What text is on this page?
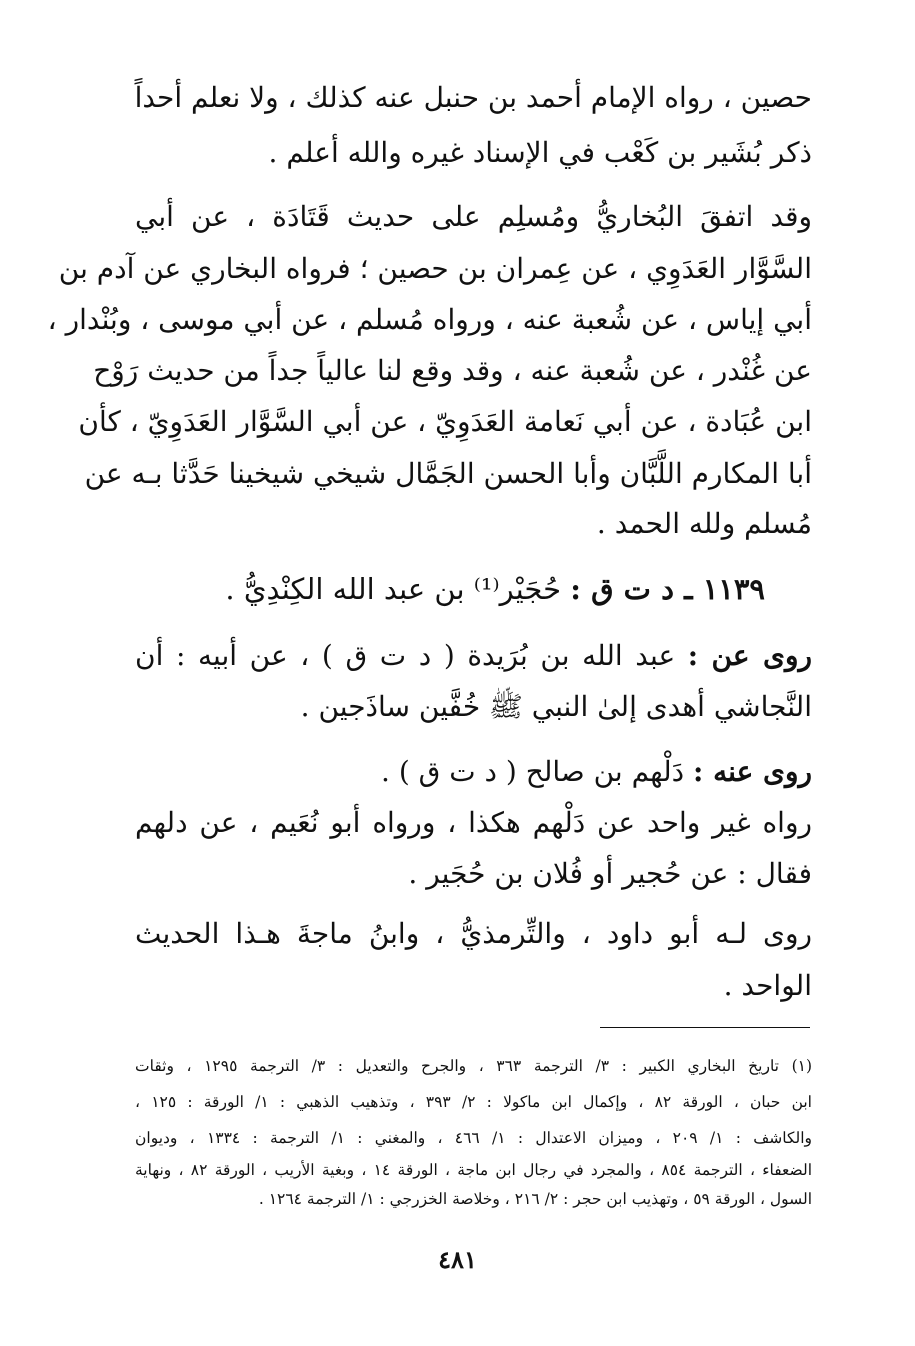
حصين ، رواه الإمام أحمد بن حنبل عنه كذلك ، ولا نعلم أحداً
ذكر بُشَير بن كَعْب في الإسناد غيره والله أعلم .
وقد اتفقَ البُخاريُّ ومُسلِم على حديث قَتَادَة ، عن أبي
السَّوَّار العَدَوِي ، عن عِمران بن حصين ؛ فرواه البخاري عن آدم بن
أبي إياس ، عن شُعبة عنه ، ورواه مُسلم ، عن أبي موسى ، وبُنْدار ،
عن غُنْدر ، عن شُعبة عنه ، وقد وقع لنا عالياً جداً من حديث رَوْح
ابن عُبَادة ، عن أبي نَعامة العَدَوِيّ ، عن أبي السَّوَّار العَدَوِيّ ، كأن
أبا المكارم اللَّبَّان وأبا الحسن الجَمَّال شيخي شيخينا حَدَّثا بـه عن
مُسلم ولله الحمد .
١١٣٩ ـ د ت ق : حُجَيْر⁽¹⁾ بن عبد الله الكِنْدِيُّ .
روى عن : عبد الله بن بُرَيدة ( د ت ق ) ، عن أبيه : أن
النَّجاشي أهدى إلىٰ النبي ﷺ خُفَّين ساذَجين .
روى عنه : دَلْهم بن صالح ( د ت ق ) .
رواه غير واحد عن دَلْهم هكذا ، ورواه أبو نُعَيم ، عن دلهم
فقال : عن حُجير أو فُلان بن حُجَير .
روى لـه أبو داود ، والتِّرمذيُّ ، وابنُ ماجةَ هـذا الحديث
الواحد .
(١) تاريخ البخاري الكبير : ٣/ الترجمة ٣٦٣ ، والجرح والتعديل : ٣/ الترجمة ١٢٩٥ ، وثقات
ابن حبان ، الورقة ٨٢ ، وإكمال ابن ماكولا : ٢/ ٣٩٣ ، وتذهيب الذهبي : ١/ الورقة : ١٢٥ ،
والكاشف : ١/ ٢٠٩ ، وميزان الاعتدال : ١/ ٤٦٦ ، والمغني : ١/ الترجمة : ١٣٣٤ ، وديوان
الضعفاء ، الترجمة ٨٥٤ ، والمجرد في رجال ابن ماجة ، الورقة ١٤ ، وبغية الأريب ، الورقة ٨٢ ، ونهاية
السول ، الورقة ٥٩ ، وتهذيب ابن حجر : ٢/ ٢١٦ ، وخلاصة الخزرجي : ١/ الترجمة ١٢٦٤ .
٤٨١
